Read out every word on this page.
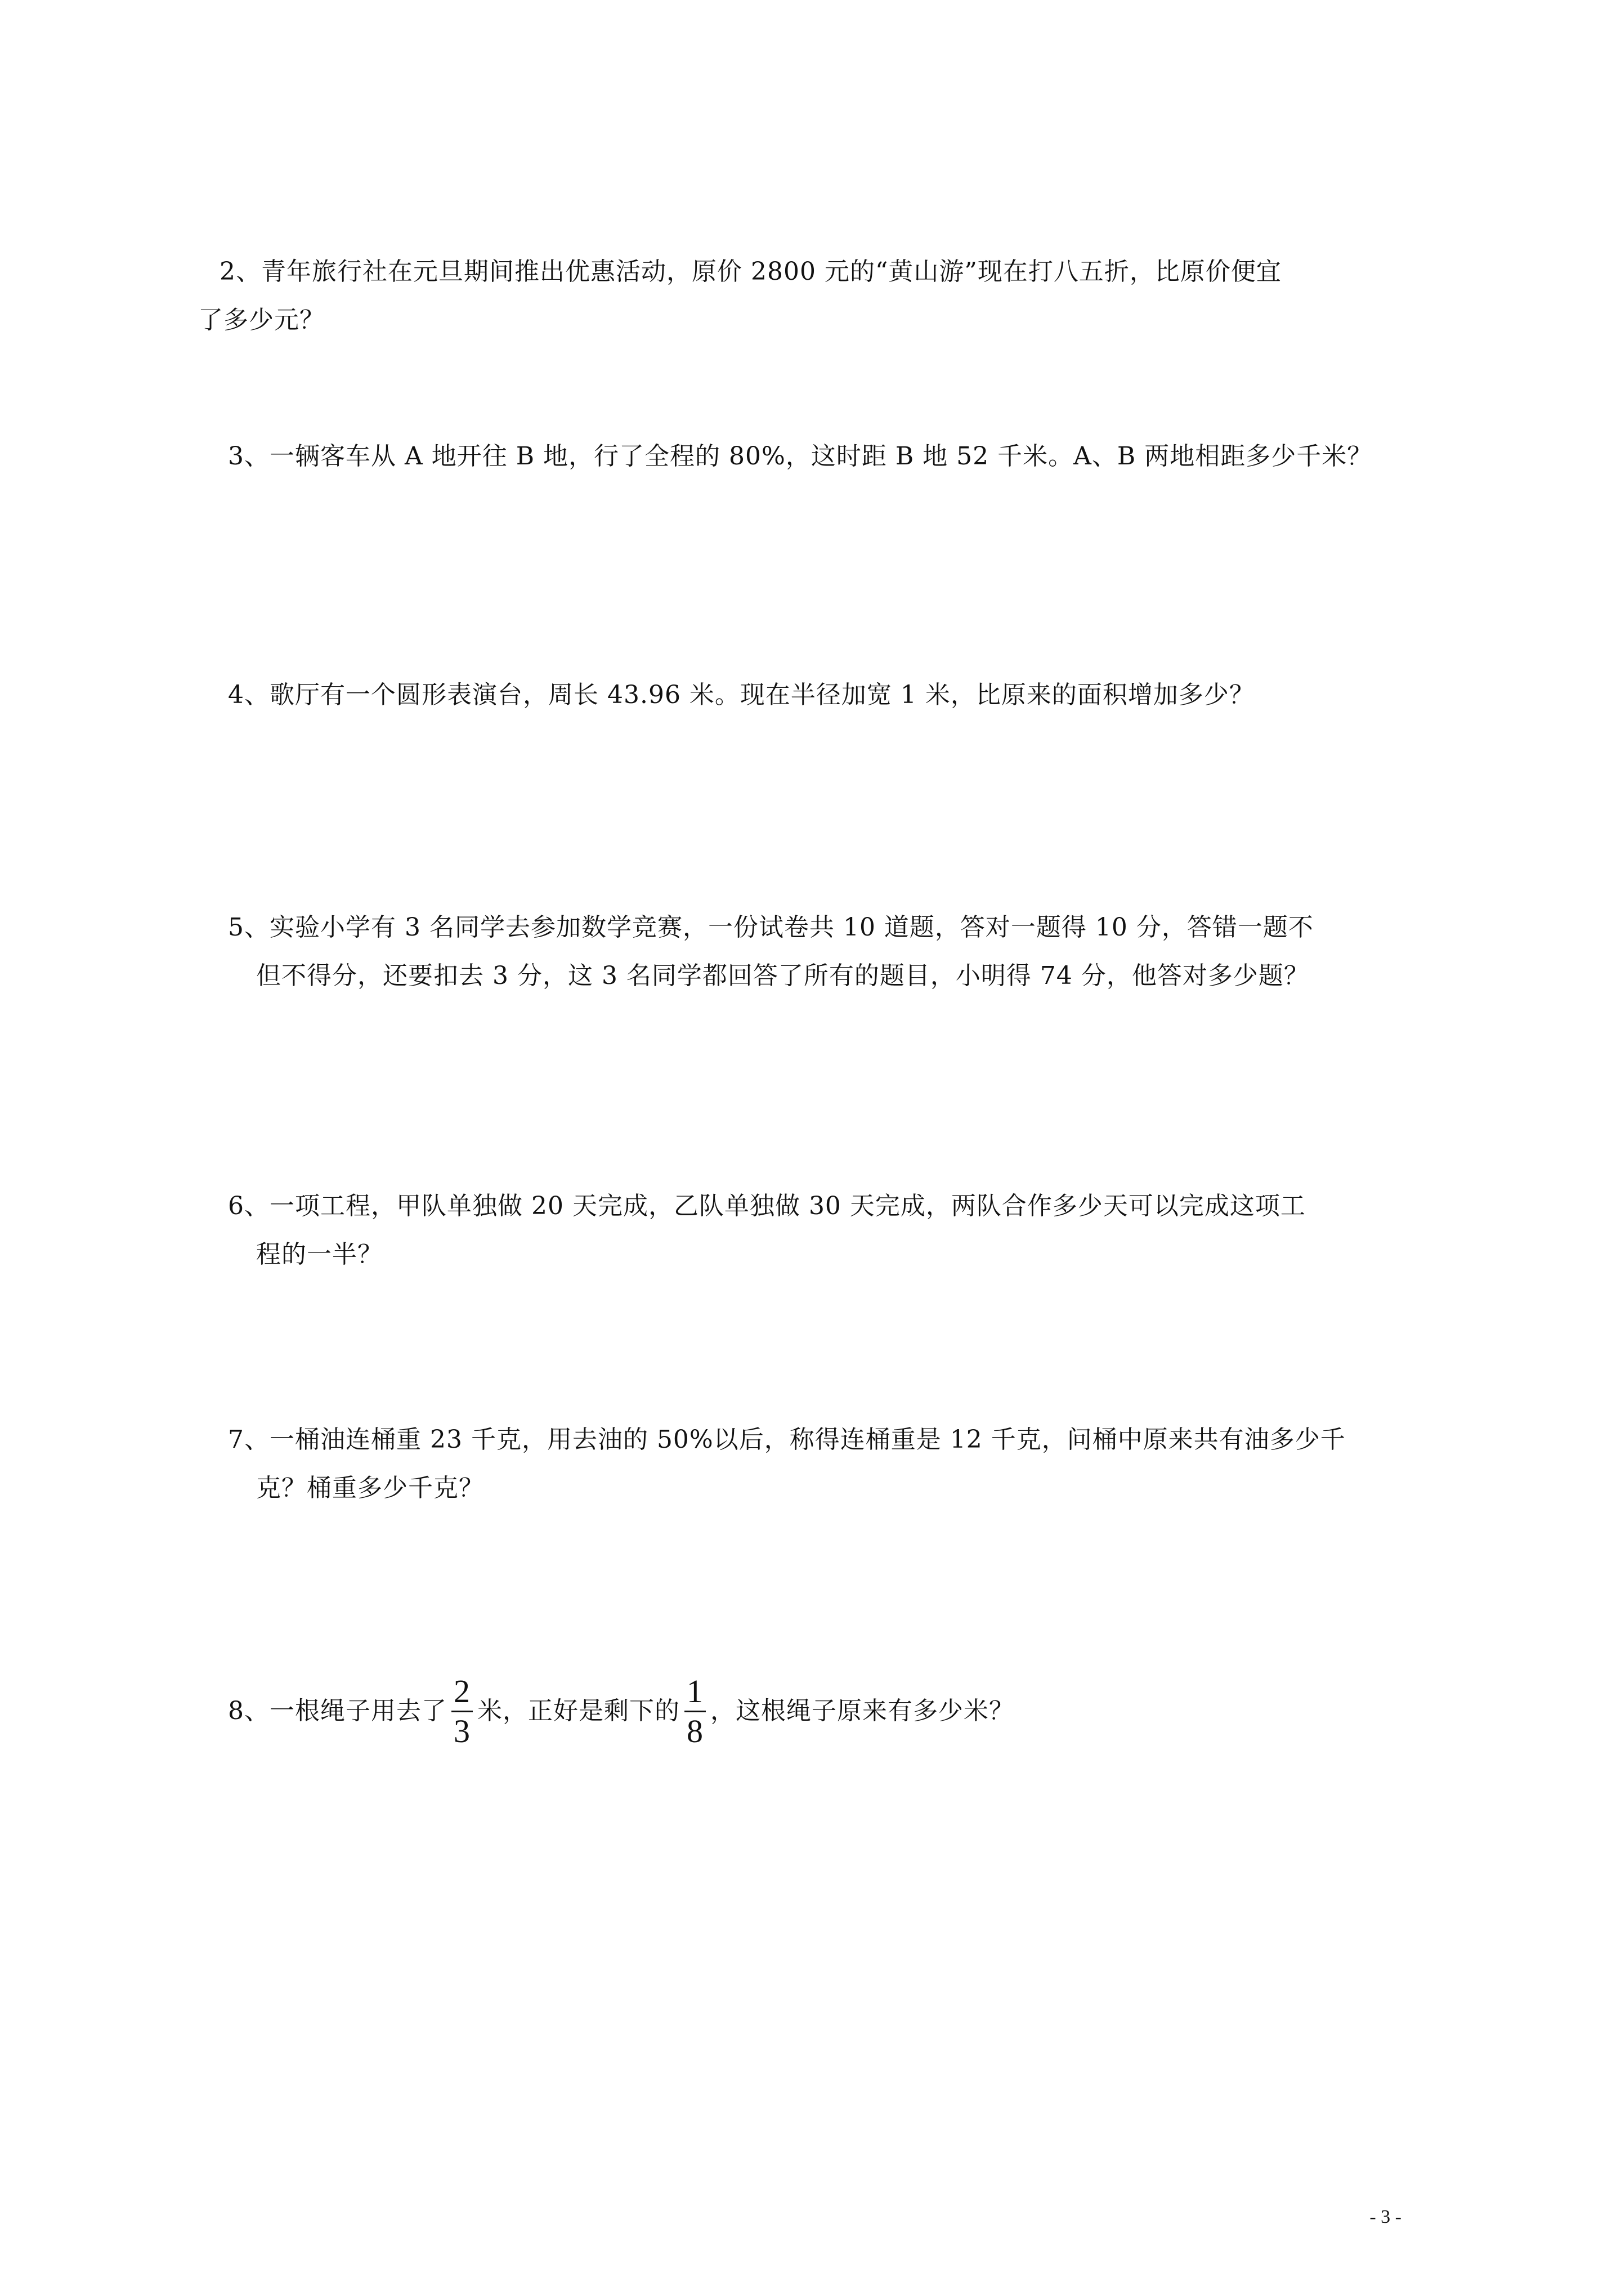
2、青年旅行社在元旦期间推出优惠活动，原价 2800 元的“黄山游”现在打八五折，比原价便宜
了多少元？
3、一辆客车从 A 地开往 B 地，行了全程的 80%，这时距 B 地 52 千米。A、B 两地相距多少千米？
4、歌厅有一个圆形表演台，周长 43.96 米。现在半径加宽 1 米，比原来的面积增加多少？
5、实验小学有 3 名同学去参加数学竞赛，一份试卷共 10 道题，答对一题得 10 分，答错一题不
但不得分，还要扣去 3 分，这 3 名同学都回答了所有的题目，小明得 74 分，他答对多少题？
6、一项工程，甲队单独做 20 天完成，乙队单独做 30 天完成，两队合作多少天可以完成这项工
程的一半？
7、一桶油连桶重 23 千克，用去油的 50%以后，称得连桶重是 12 千克，问桶中原来共有油多少千
克？桶重多少千克？
8、一根绳子用去了 $\frac{2}{3}$ 米，正好是剩下的 $\frac{1}{8}$ ，这根绳子原来有多少米？
- 3 -
